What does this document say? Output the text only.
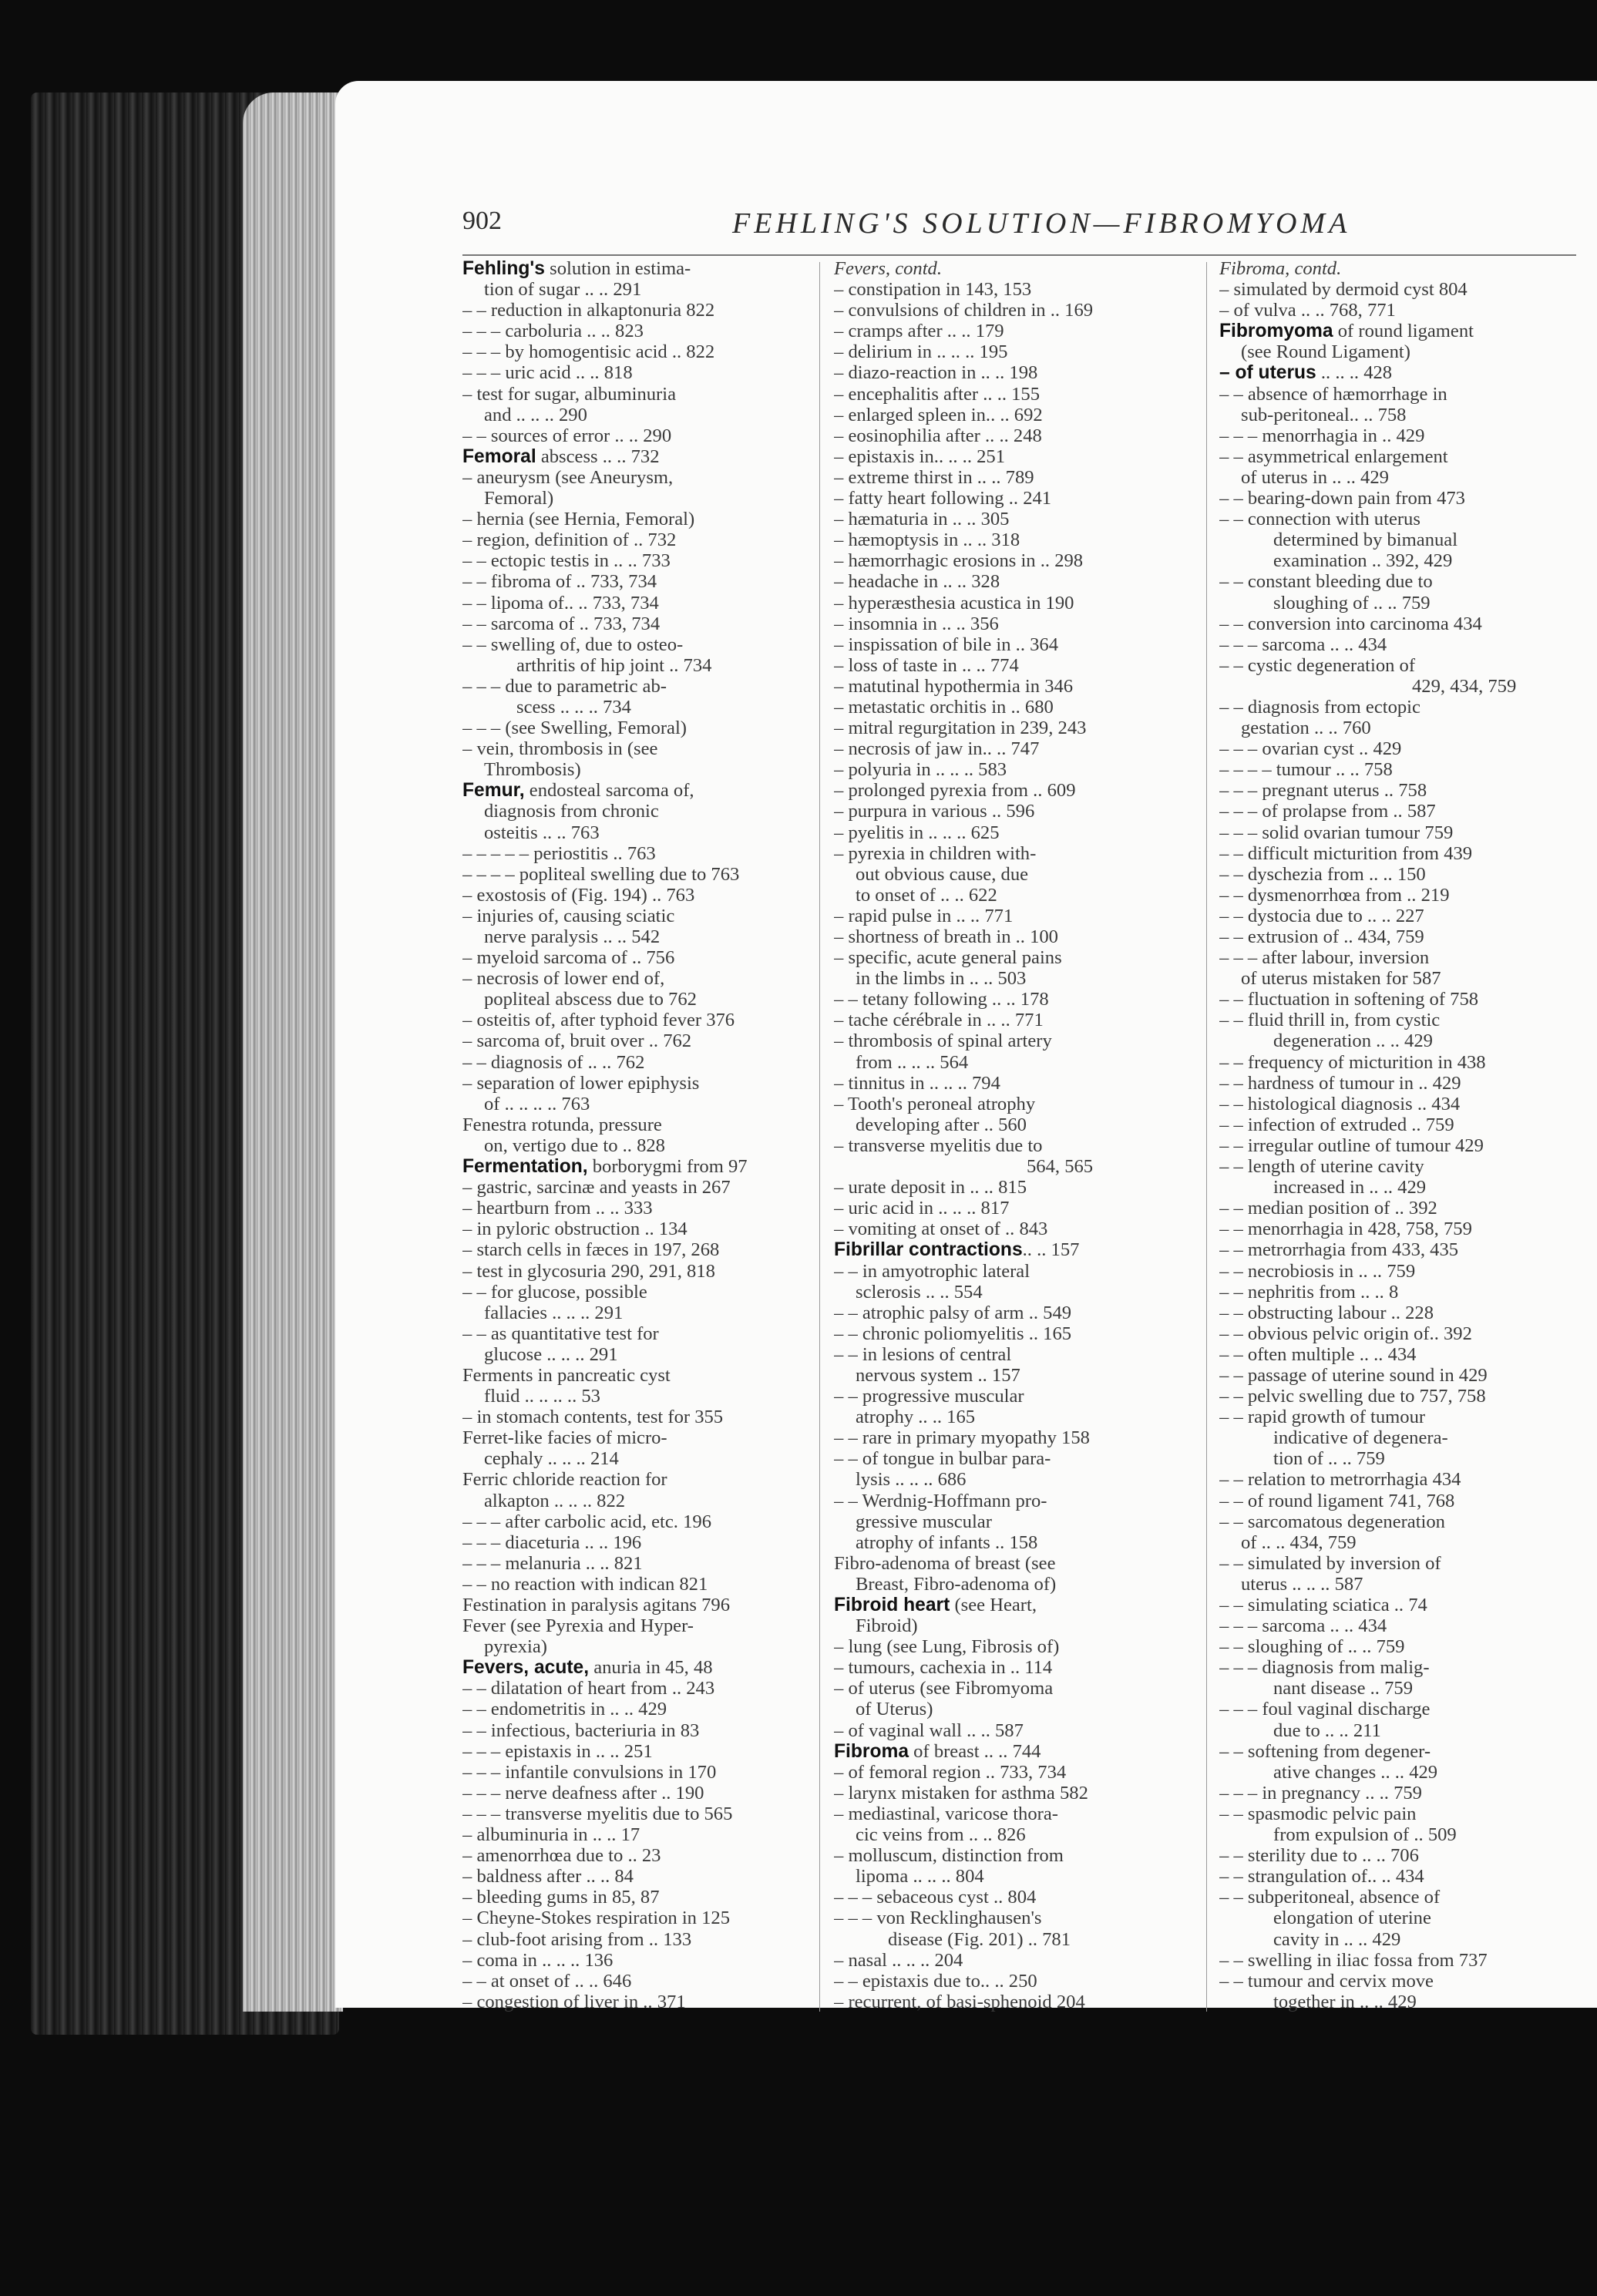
902	FEHLING'S SOLUTION—FIBROMYOMA
Fehling's solution in estima-
tion of sugar .. .. 291
– – reduction in alkaptonuria 822
– – – carboluria .. .. 823
– – – by homogentisic acid .. 822
– – – uric acid .. .. 818
– test for sugar, albuminuria
and .. .. .. 290
– – sources of error .. .. 290
Femoral abscess .. .. 732
– aneurysm (see Aneurysm,
Femoral)
– hernia (see Hernia, Femoral)
– region, definition of .. 732
– – ectopic testis in .. .. 733
– – fibroma of .. 733, 734
– – lipoma of.. .. 733, 734
– – sarcoma of .. 733, 734
– – swelling of, due to osteo-
arthritis of hip joint .. 734
– – – due to parametric ab-
scess .. .. .. 734
– – – (see Swelling, Femoral)
– vein, thrombosis in (see
Thrombosis)
Femur, endosteal sarcoma of,
diagnosis from chronic
osteitis .. .. 763
– – – – – periostitis .. 763
– – – – popliteal swelling due to 763
– exostosis of (Fig. 194) .. 763
– injuries of, causing sciatic
nerve paralysis .. .. 542
– myeloid sarcoma of .. 756
– necrosis of lower end of,
popliteal abscess due to 762
– osteitis of, after typhoid fever 376
– sarcoma of, bruit over .. 762
– – diagnosis of .. .. 762
– separation of lower epiphysis
of .. .. .. .. 763
Fenestra rotunda, pressure
on, vertigo due to .. 828
Fermentation, borborygmi from 97
– gastric, sarcinæ and yeasts in 267
– heartburn from .. .. 333
– in pyloric obstruction .. 134
– starch cells in fæces in 197, 268
– test in glycosuria 290, 291, 818
– – for glucose, possible
fallacies .. .. .. 291
– – as quantitative test for
glucose .. .. .. 291
Ferments in pancreatic cyst
fluid .. .. .. .. 53
– in stomach contents, test for 355
Ferret-like facies of micro-
cephaly .. .. .. 214
Ferric chloride reaction for
alkapton .. .. .. 822
– – – after carbolic acid, etc. 196
– – – diaceturia .. .. 196
– – – melanuria .. .. 821
– – no reaction with indican 821
Festination in paralysis agitans 796
Fever (see Pyrexia and Hyper-
pyrexia)
Fevers, acute, anuria in 45, 48
– – dilatation of heart from .. 243
– – endometritis in .. .. 429
– – infectious, bacteriuria in 83
– – – epistaxis in .. .. 251
– – – infantile convulsions in 170
– – – nerve deafness after .. 190
– – – transverse myelitis due to 565
– albuminuria in .. .. 17
– amenorrhœa due to .. 23
– baldness after .. .. 84
– bleeding gums in 85, 87
– Cheyne-Stokes respiration in 125
– club-foot arising from .. 133
– coma in .. .. .. 136
– – at onset of .. .. 646
– congestion of liver in .. 371
Fevers, contd.
– constipation in 143, 153
– convulsions of children in .. 169
– cramps after .. .. 179
– delirium in .. .. .. 195
– diazo-reaction in .. .. 198
– encephalitis after .. .. 155
– enlarged spleen in.. .. 692
– eosinophilia after .. .. 248
– epistaxis in.. .. .. 251
– extreme thirst in .. .. 789
– fatty heart following .. 241
– hæmaturia in .. .. 305
– hæmoptysis in .. .. 318
– hæmorrhagic erosions in .. 298
– headache in .. .. 328
– hyperæsthesia acustica in 190
– insomnia in .. .. 356
– inspissation of bile in .. 364
– loss of taste in .. .. 774
– matutinal hypothermia in 346
– metastatic orchitis in .. 680
– mitral regurgitation in 239, 243
– necrosis of jaw in.. .. 747
– polyuria in .. .. .. 583
– prolonged pyrexia from .. 609
– purpura in various .. 596
– pyelitis in .. .. .. 625
– pyrexia in children with-
out obvious cause, due
to onset of .. .. 622
– rapid pulse in .. .. 771
– shortness of breath in .. 100
– specific, acute general pains
in the limbs in .. .. 503
– – tetany following .. .. 178
– tache cérébrale in .. .. 771
– thrombosis of spinal artery
from .. .. .. 564
– tinnitus in .. .. .. 794
– Tooth's peroneal atrophy
developing after .. 560
– transverse myelitis due to
564, 565
– urate deposit in .. .. 815
– uric acid in .. .. .. 817
– vomiting at onset of .. 843
Fibrillar contractions.. .. 157
– – in amyotrophic lateral
sclerosis .. .. 554
– – atrophic palsy of arm .. 549
– – chronic poliomyelitis .. 165
– – in lesions of central
nervous system .. 157
– – progressive muscular
atrophy .. .. 165
– – rare in primary myopathy 158
– – of tongue in bulbar para-
lysis .. .. .. 686
– – Werdnig-Hoffmann pro-
gressive muscular
atrophy of infants .. 158
Fibro-adenoma of breast (see
Breast, Fibro-adenoma of)
Fibroid heart (see Heart,
Fibroid)
– lung (see Lung, Fibrosis of)
– tumours, cachexia in .. 114
– of uterus (see Fibromyoma
of Uterus)
– of vaginal wall .. .. 587
Fibroma of breast .. .. 744
– of femoral region .. 733, 734
– larynx mistaken for asthma 582
– mediastinal, varicose thora-
cic veins from .. .. 826
– molluscum, distinction from
lipoma .. .. .. 804
– – – sebaceous cyst .. 804
– – – von Recklinghausen's
disease (Fig. 201) .. 781
– nasal .. .. .. 204
– – epistaxis due to.. .. 250
– recurrent, of basi-sphenoid 204
Fibroma, contd.
– simulated by dermoid cyst 804
– of vulva .. .. 768, 771
Fibromyoma of round ligament
(see Round Ligament)
– of uterus .. .. .. 428
– – absence of hæmorrhage in
sub-peritoneal.. .. 758
– – – menorrhagia in .. 429
– – asymmetrical enlargement
of uterus in .. .. 429
– – bearing-down pain from 473
– – connection with uterus
determined by bimanual
examination .. 392, 429
– – constant bleeding due to
sloughing of .. .. 759
– – conversion into carcinoma 434
– – – sarcoma .. .. 434
– – cystic degeneration of
429, 434, 759
– – diagnosis from ectopic
gestation .. .. 760
– – – ovarian cyst .. 429
– – – – tumour .. .. 758
– – – pregnant uterus .. 758
– – – of prolapse from .. 587
– – – solid ovarian tumour 759
– – difficult micturition from 439
– – dyschezia from .. .. 150
– – dysmenorrhœa from .. 219
– – dystocia due to .. .. 227
– – extrusion of .. 434, 759
– – – after labour, inversion
of uterus mistaken for 587
– – fluctuation in softening of 758
– – fluid thrill in, from cystic
degeneration .. .. 429
– – frequency of micturition in 438
– – hardness of tumour in .. 429
– – histological diagnosis .. 434
– – infection of extruded .. 759
– – irregular outline of tumour 429
– – length of uterine cavity
increased in .. .. 429
– – median position of .. 392
– – menorrhagia in 428, 758, 759
– – metrorrhagia from 433, 435
– – necrobiosis in .. .. 759
– – nephritis from .. .. 8
– – obstructing labour .. 228
– – obvious pelvic origin of.. 392
– – often multiple .. .. 434
– – passage of uterine sound in 429
– – pelvic swelling due to 757, 758
– – rapid growth of tumour
indicative of degenera-
tion of .. .. 759
– – relation to metrorrhagia 434
– – of round ligament 741, 768
– – sarcomatous degeneration
of .. .. 434, 759
– – simulated by inversion of
uterus .. .. .. 587
– – simulating sciatica .. 74
– – – sarcoma .. .. 434
– – sloughing of .. .. 759
– – – diagnosis from malig-
nant disease .. 759
– – – foul vaginal discharge
due to .. .. 211
– – softening from degener-
ative changes .. .. 429
– – – in pregnancy .. .. 759
– – spasmodic pelvic pain
from expulsion of .. 509
– – sterility due to .. .. 706
– – strangulation of.. .. 434
– – subperitoneal, absence of
elongation of uterine
cavity in .. .. 429
– – swelling in iliac fossa from 737
– – tumour and cervix move
together in .. .. 429
